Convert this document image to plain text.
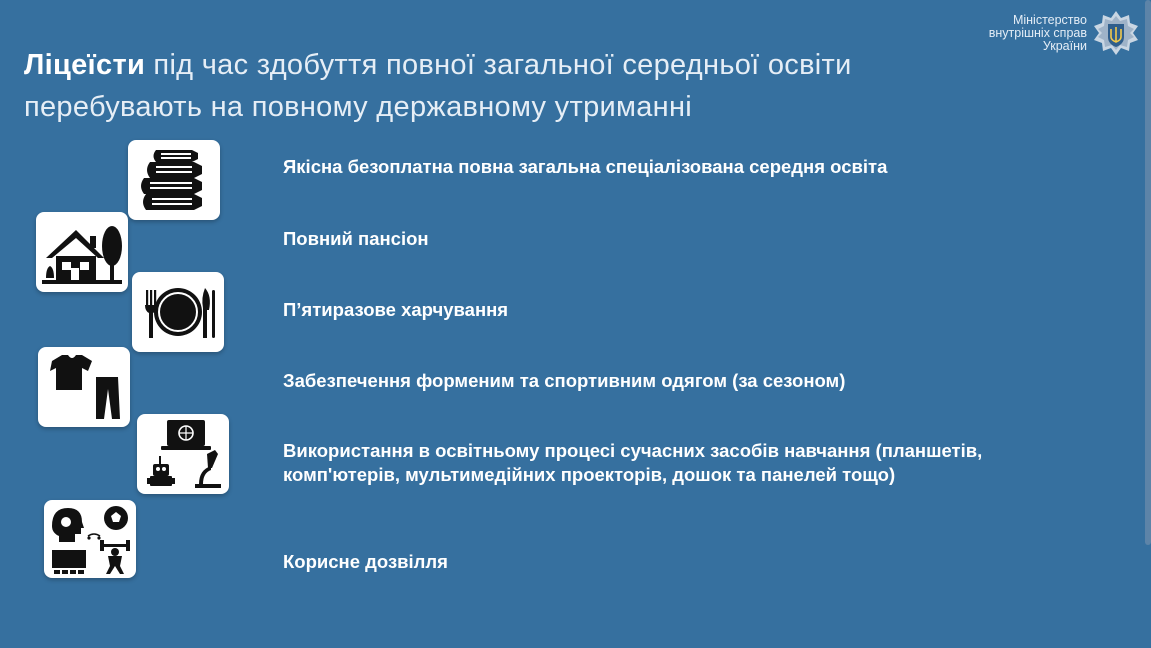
Міністерство
внутрішніх справ
України
Ліцеїсти під час здобуття повної загальної середньої освіти
перебувають на повному державному утриманні
Якісна безоплатна повна загальна спеціалізована середня освіта
Повний пансіон
П’ятиразове харчування
Забезпечення форменим та спортивним одягом (за сезоном)
Використання в освітньому процесі сучасних засобів навчання (планшетів, комп'ютерів, мультимедійних проекторів, дошок та панелей тощо)
Корисне дозвілля
